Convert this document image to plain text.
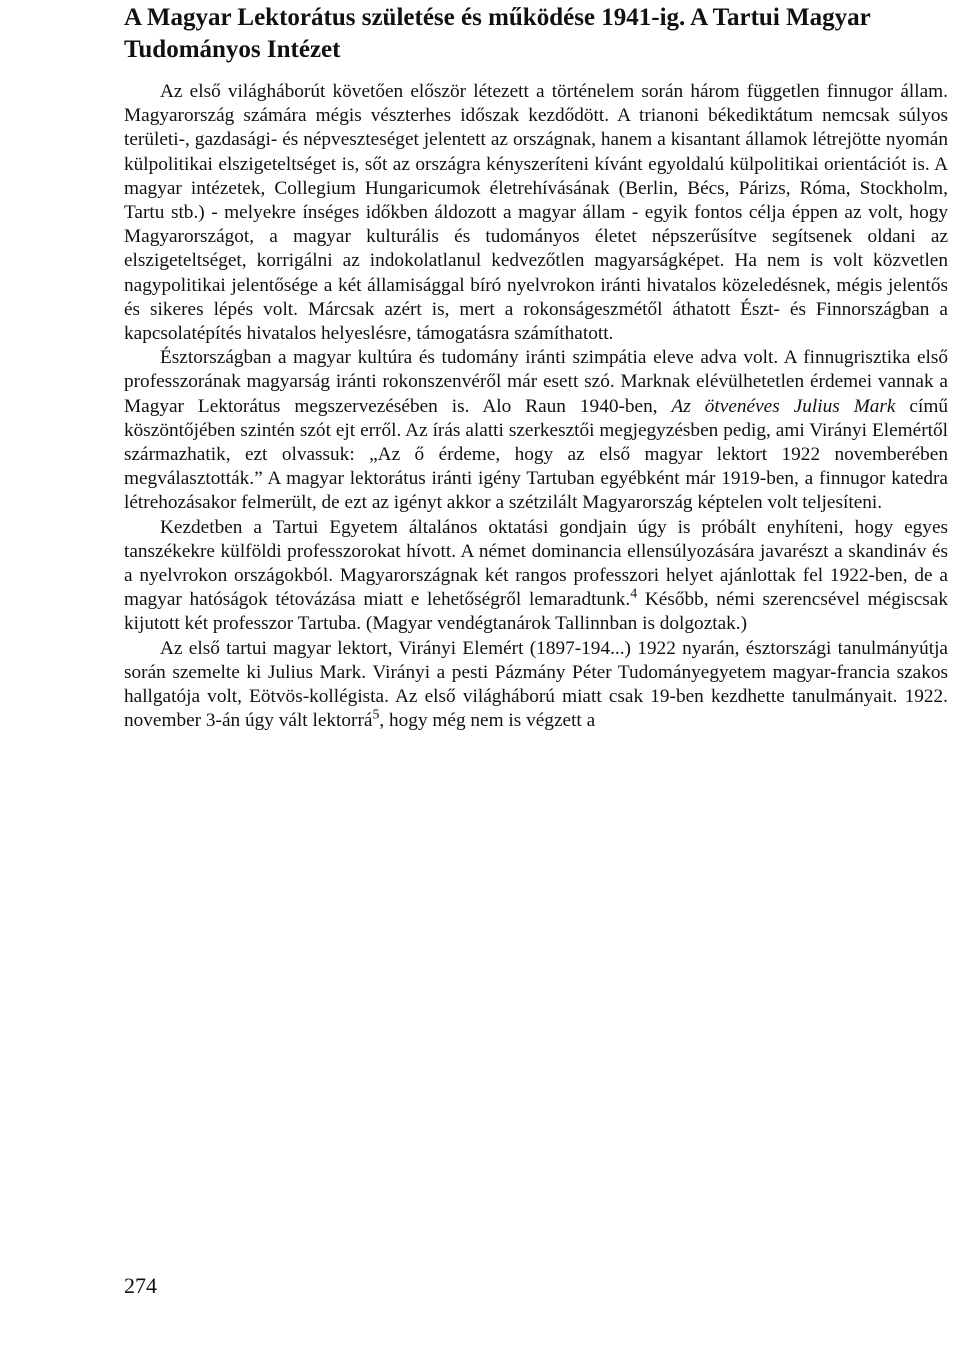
A Magyar Lektorátus születése és működése 1941-ig. A Tartui Magyar Tudományos Intézet

Az első világháborút követően először létezett a történelem során három független finnugor állam. Magyarország számára mégis vészterhes időszak kezdődött. A trianoni békediktátum nemcsak súlyos területi-, gazdasági- és népveszteséget jelentett az országnak, hanem a kisantant államok létrejötte nyomán külpolitikai elszigeteltséget is, sőt az országra kényszeríteni kívánt egyoldalú külpolitikai orientációt is. A magyar intézetek, Collegium Hungaricumok életrehívásának (Berlin, Bécs, Párizs, Róma, Stockholm, Tartu stb.) - melyekre ínséges időkben áldozott a magyar állam - egyik fontos célja éppen az volt, hogy Magyarországot, a magyar kulturális és tudományos életet népszerűsítve segítsenek oldani az elszigeteltséget, korrigálni az indokolatlanul kedvezőtlen magyarságképet. Ha nem is volt közvetlen nagypolitikai jelentősége a két államisággal bíró nyelvrokon iránti hivatalos közeledésnek, mégis jelentős és sikeres lépés volt. Márcsak azért is, mert a rokonságeszmétől áthatott Észt- és Finnországban a kapcsolatépítés hivatalos helyeslésre, támogatásra számíthatott.

Észtországban a magyar kultúra és tudomány iránti szimpátia eleve adva volt. A finnugrisztika első professzorának magyarság iránti rokonszenvéről már esett szó. Marknak elévülhetetlen érdemei vannak a Magyar Lektorátus megszervezésében is. Alo Raun 1940-ben, Az ötvenéves Julius Mark című köszöntőjében szintén szót ejt erről. Az írás alatti szerkesztői megjegyzésben pedig, ami Virányi Elemértől származhatik, ezt olvassuk: „Az ő érdeme, hogy az első magyar lektort 1922 novemberében megválasztották.” A magyar lektorátus iránti igény Tartuban egyébként már 1919-ben, a finnugor katedra létrehozásakor felmerült, de ezt az igényt akkor a szétzilált Magyarország képtelen volt teljesíteni.

Kezdetben a Tartui Egyetem általános oktatási gondjain úgy is próbált enyhíteni, hogy egyes tanszékekre külföldi professzorokat hívott. A német dominancia ellensúlyozására javarészt a skandináv és a nyelvrokon országokból. Magyarországnak két rangos professzori helyet ajánlottak fel 1922-ben, de a magyar hatóságok tétovázása miatt e lehetőségről lemaradtunk.$^4$ Később, némi szerencsével mégiscsak kijutott két professzor Tartuba. (Magyar vendégtanárok Tallinnban is dolgoztak.)

Az első tartui magyar lektort, Virányi Elemért (1897-194...) 1922 nyarán, észtországi tanulmányútja során szemelte ki Julius Mark. Virányi a pesti Pázmány Péter Tudományegyetem magyar-francia szakos hallgatója volt, Eötvös-kollégista. Az első világháború miatt csak 19-ben kezdhette tanulmányait. 1922. november 3-án úgy vált lektorrá$^5$, hogy még nem is végzett a

274
